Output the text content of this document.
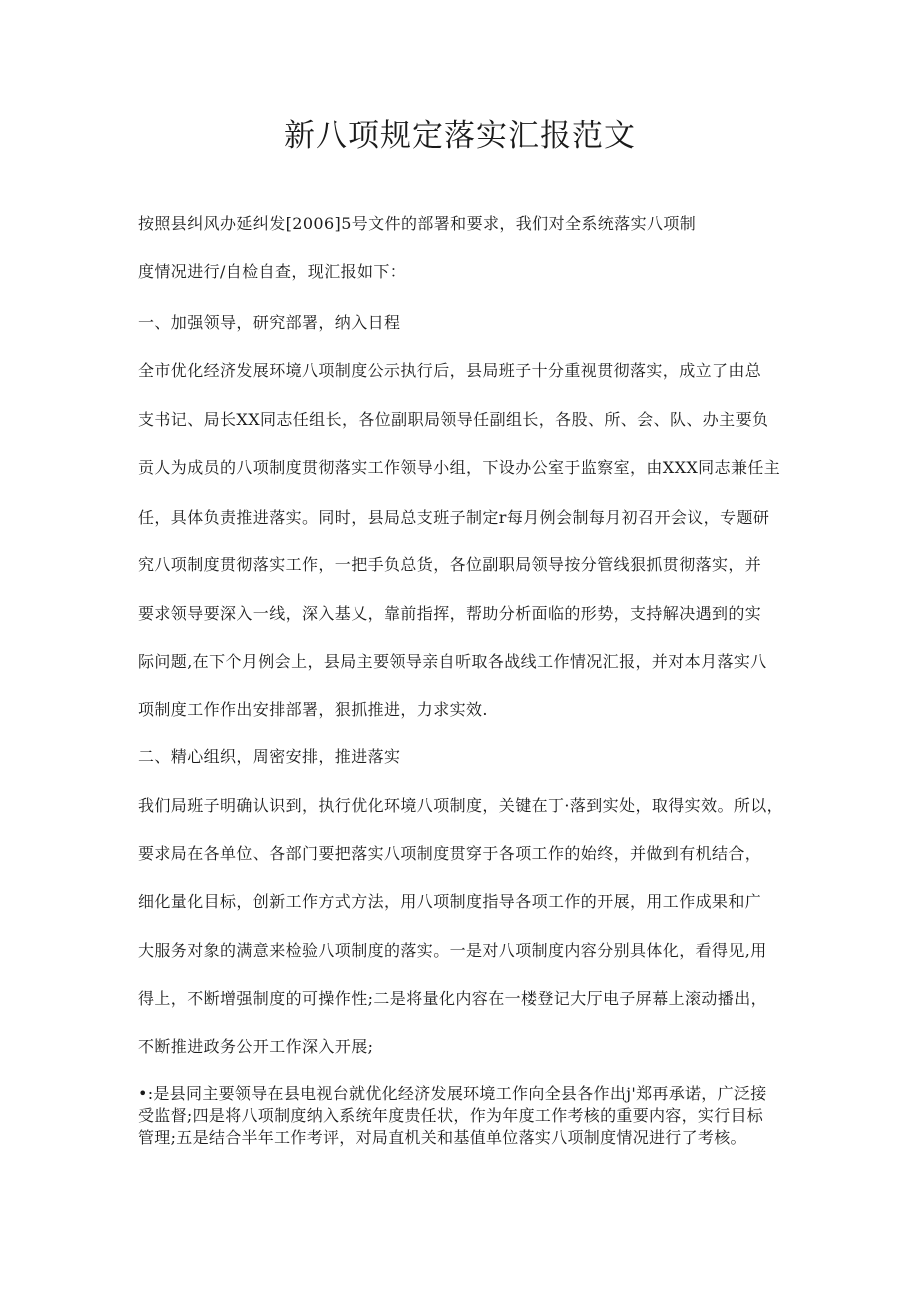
新八项规定落实汇报范文

按照县纠风办延纠发[2006]5号文件的部署和要求，我们对全系统落实八项制

度情况进行/自检自查，现汇报如下：

一、加强领导，研究部署，纳入日程

全市优化经济发展环境八项制度公示执行后，县局班子十分重视贯彻落实，成立了由总

支书记、局长XX同志任组长，各位副职局领导任副组长，各股、所、会、队、办主要负

贡人为成员的八项制度贯彻落实工作领导小组，下设办公室于监察室，由XXX同志兼任主

任，具体负责推进落实。同时，县局总支班子制定r每月例会制每月初召开会议，专题研

究八项制度贯彻落实工作，一把手负总货，各位副职局领导按分管线狠抓贯彻落实，并

要求领导要深入一线，深入基乂，靠前指挥，帮助分析面临的形势，支持解决遇到的实

际问题,在下个月例会上，县局主要领导亲自听取各战线工作情况汇报，并对本月落实八

项制度工作作出安排部署，狠抓推进，力求实效.

二、精心组织，周密安排，推进落实

我们局班子明确认识到，执行优化环境八项制度，关键在丁·落到实处，取得实效。所以，

要求局在各单位、各部门要把落实八项制度贯穿于各项工作的始终，并做到有机结合，

细化量化目标，创新工作方式方法，用八项制度指导各项工作的开展，用工作成果和广

大服务对象的满意来检验八项制度的落实。一是对八项制度内容分别具体化，看得见,用

得上，不断增强制度的可操作性;二是将量化内容在一楼登记大厅电子屏幕上滚动播出，

不断推进政务公开工作深入开展;

•:是县同主要领导在县电视台就优化经济发展环境工作向全县各作出j'郑再承诺，广泛接
受监督;四是将八项制度纳入系统年度贵任状，作为年度工作考核的重要内容，实行目标
管理;五是结合半年工作考评，对局直机关和基值单位落实八项制度情况进行了考核。
